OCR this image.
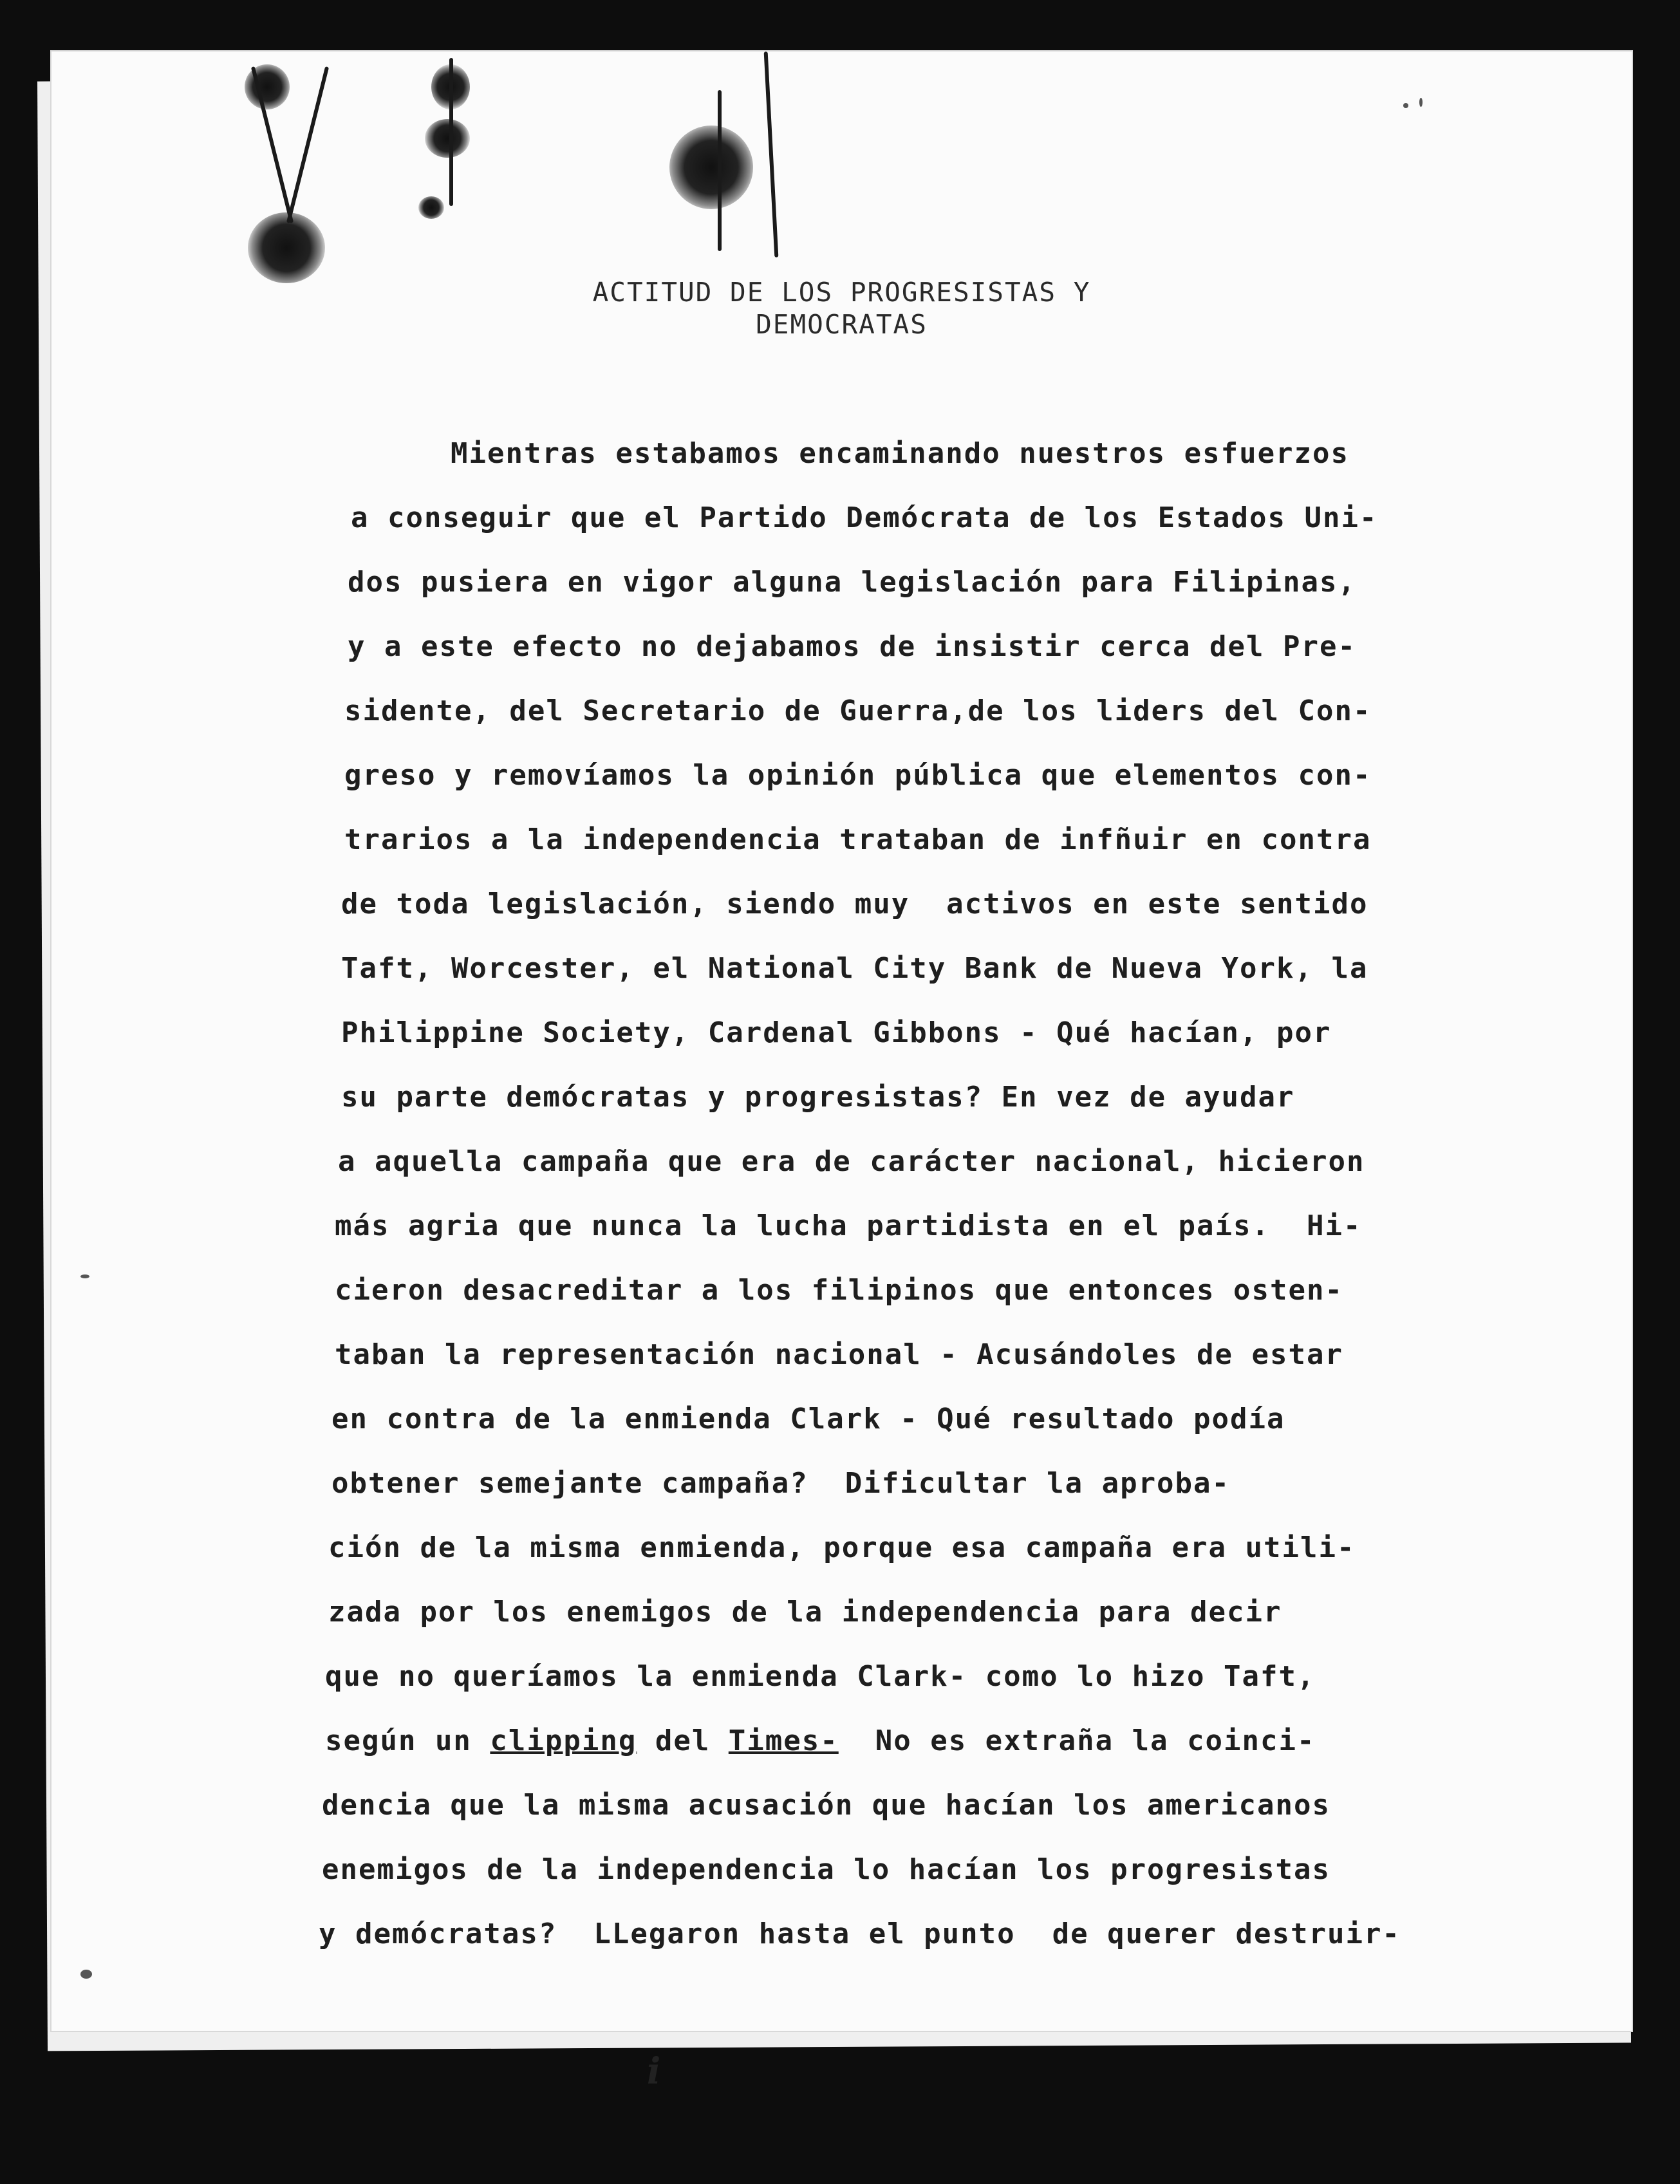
ACTITUD DE LOS PROGRESISTAS Y
DEMOCRATAS
Mientras estabamos encaminando nuestros esfuerzos
a conseguir que el Partido Demócrata de los Estados Uni-
dos pusiera en vigor alguna legislación para Filipinas,
y a este efecto no dejabamos de insistir cerca del Pre-
sidente, del Secretario de Guerra,de los liders del Con-
greso y removíamos la opinión pública que elementos con-
trarios a la independencia trataban de infñuir en contra
de toda legislación, siendo muy  activos en este sentido
Taft, Worcester, el National City Bank de Nueva York, la
Philippine Society, Cardenal Gibbons - Qué hacían, por
su parte demócratas y progresistas? En vez de ayudar
a aquella campaña que era de carácter nacional, hicieron
más agria que nunca la lucha partidista en el país.  Hi-
cieron desacreditar a los filipinos que entonces osten-
taban la representación nacional - Acusándoles de estar
en contra de la enmienda Clark - Qué resultado podía
obtener semejante campaña?  Dificultar la aproba-
ción de la misma enmienda, porque esa campaña era utili-
zada por los enemigos de la independencia para decir
que no queríamos la enmienda Clark- como lo hizo Taft,
según un clipping del Times-  No es extraña la coinci-
dencia que la misma acusación que hacían los americanos
enemigos de la independencia lo hacían los progresistas
y demócratas?  LLegaron hasta el punto  de querer destruir-
i
